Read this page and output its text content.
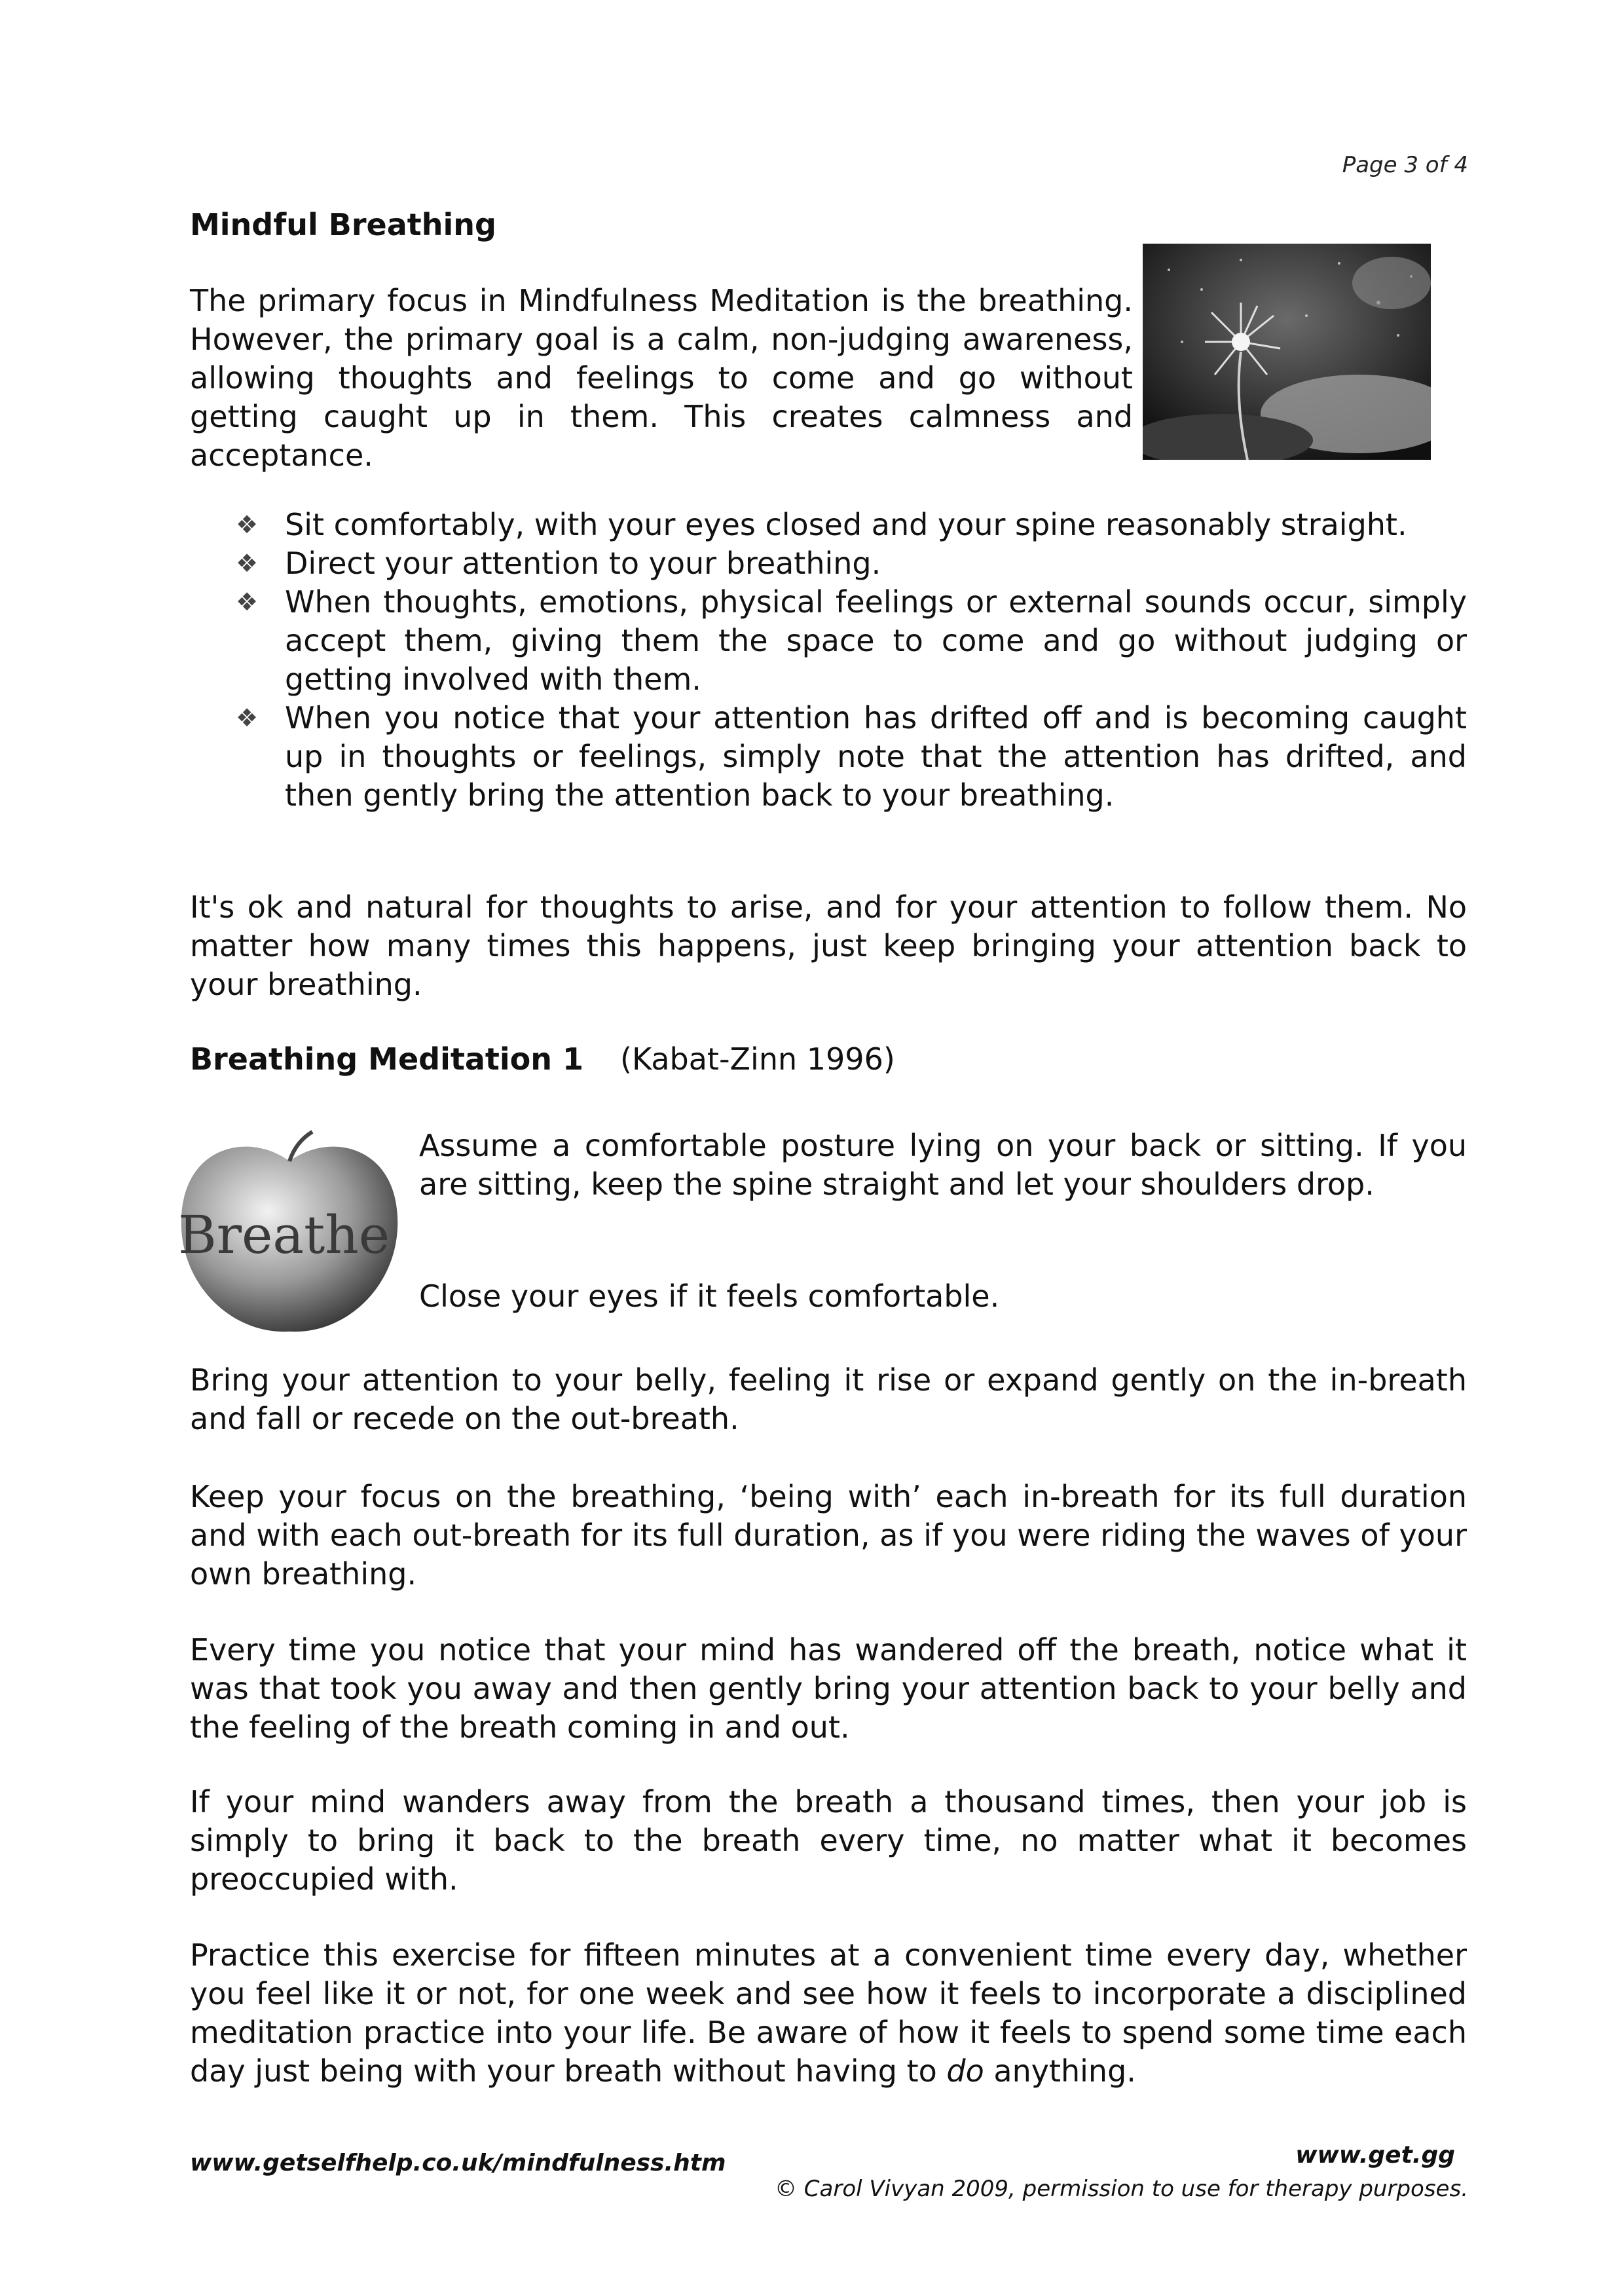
Page 3 of 4
Mindful Breathing

The primary focus in Mindfulness Meditation is the breathing. However, the primary goal is a calm, non-judging awareness, allowing thoughts and feelings to come and go without getting caught up in them. This creates calmness and acceptance.

❖ Sit comfortably, with your eyes closed and your spine reasonably straight.
❖ Direct your attention to your breathing.
❖ When thoughts, emotions, physical feelings or external sounds occur, simply accept them, giving them the space to come and go without judging or getting involved with them.
❖ When you notice that your attention has drifted off and is becoming caught up in thoughts or feelings, simply note that the attention has drifted, and then gently bring the attention back to your breathing.

It's ok and natural for thoughts to arise, and for your attention to follow them. No matter how many times this happens, just keep bringing your attention back to your breathing.

Breathing Meditation 1 (Kabat-Zinn 1996)
Breathe

Assume a comfortable posture lying on your back or sitting. If you are sitting, keep the spine straight and let your shoulders drop.

Close your eyes if it feels comfortable.

Bring your attention to your belly, feeling it rise or expand gently on the in-breath and fall or recede on the out-breath.

Keep your focus on the breathing, ‘being with’ each in-breath for its full duration and with each out-breath for its full duration, as if you were riding the waves of your own breathing.

Every time you notice that your mind has wandered off the breath, notice what it was that took you away and then gently bring your attention back to your belly and the feeling of the breath coming in and out.

If your mind wanders away from the breath a thousand times, then your job is simply to bring it back to the breath every time, no matter what it becomes preoccupied with.

Practice this exercise for fifteen minutes at a convenient time every day, whether you feel like it or not, for one week and see how it feels to incorporate a disciplined meditation practice into your life. Be aware of how it feels to spend some time each day just being with your breath without having to do anything.

www.getselfhelp.co.uk/mindfulness.htm	www.get.gg
© Carol Vivyan 2009, permission to use for therapy purposes.
